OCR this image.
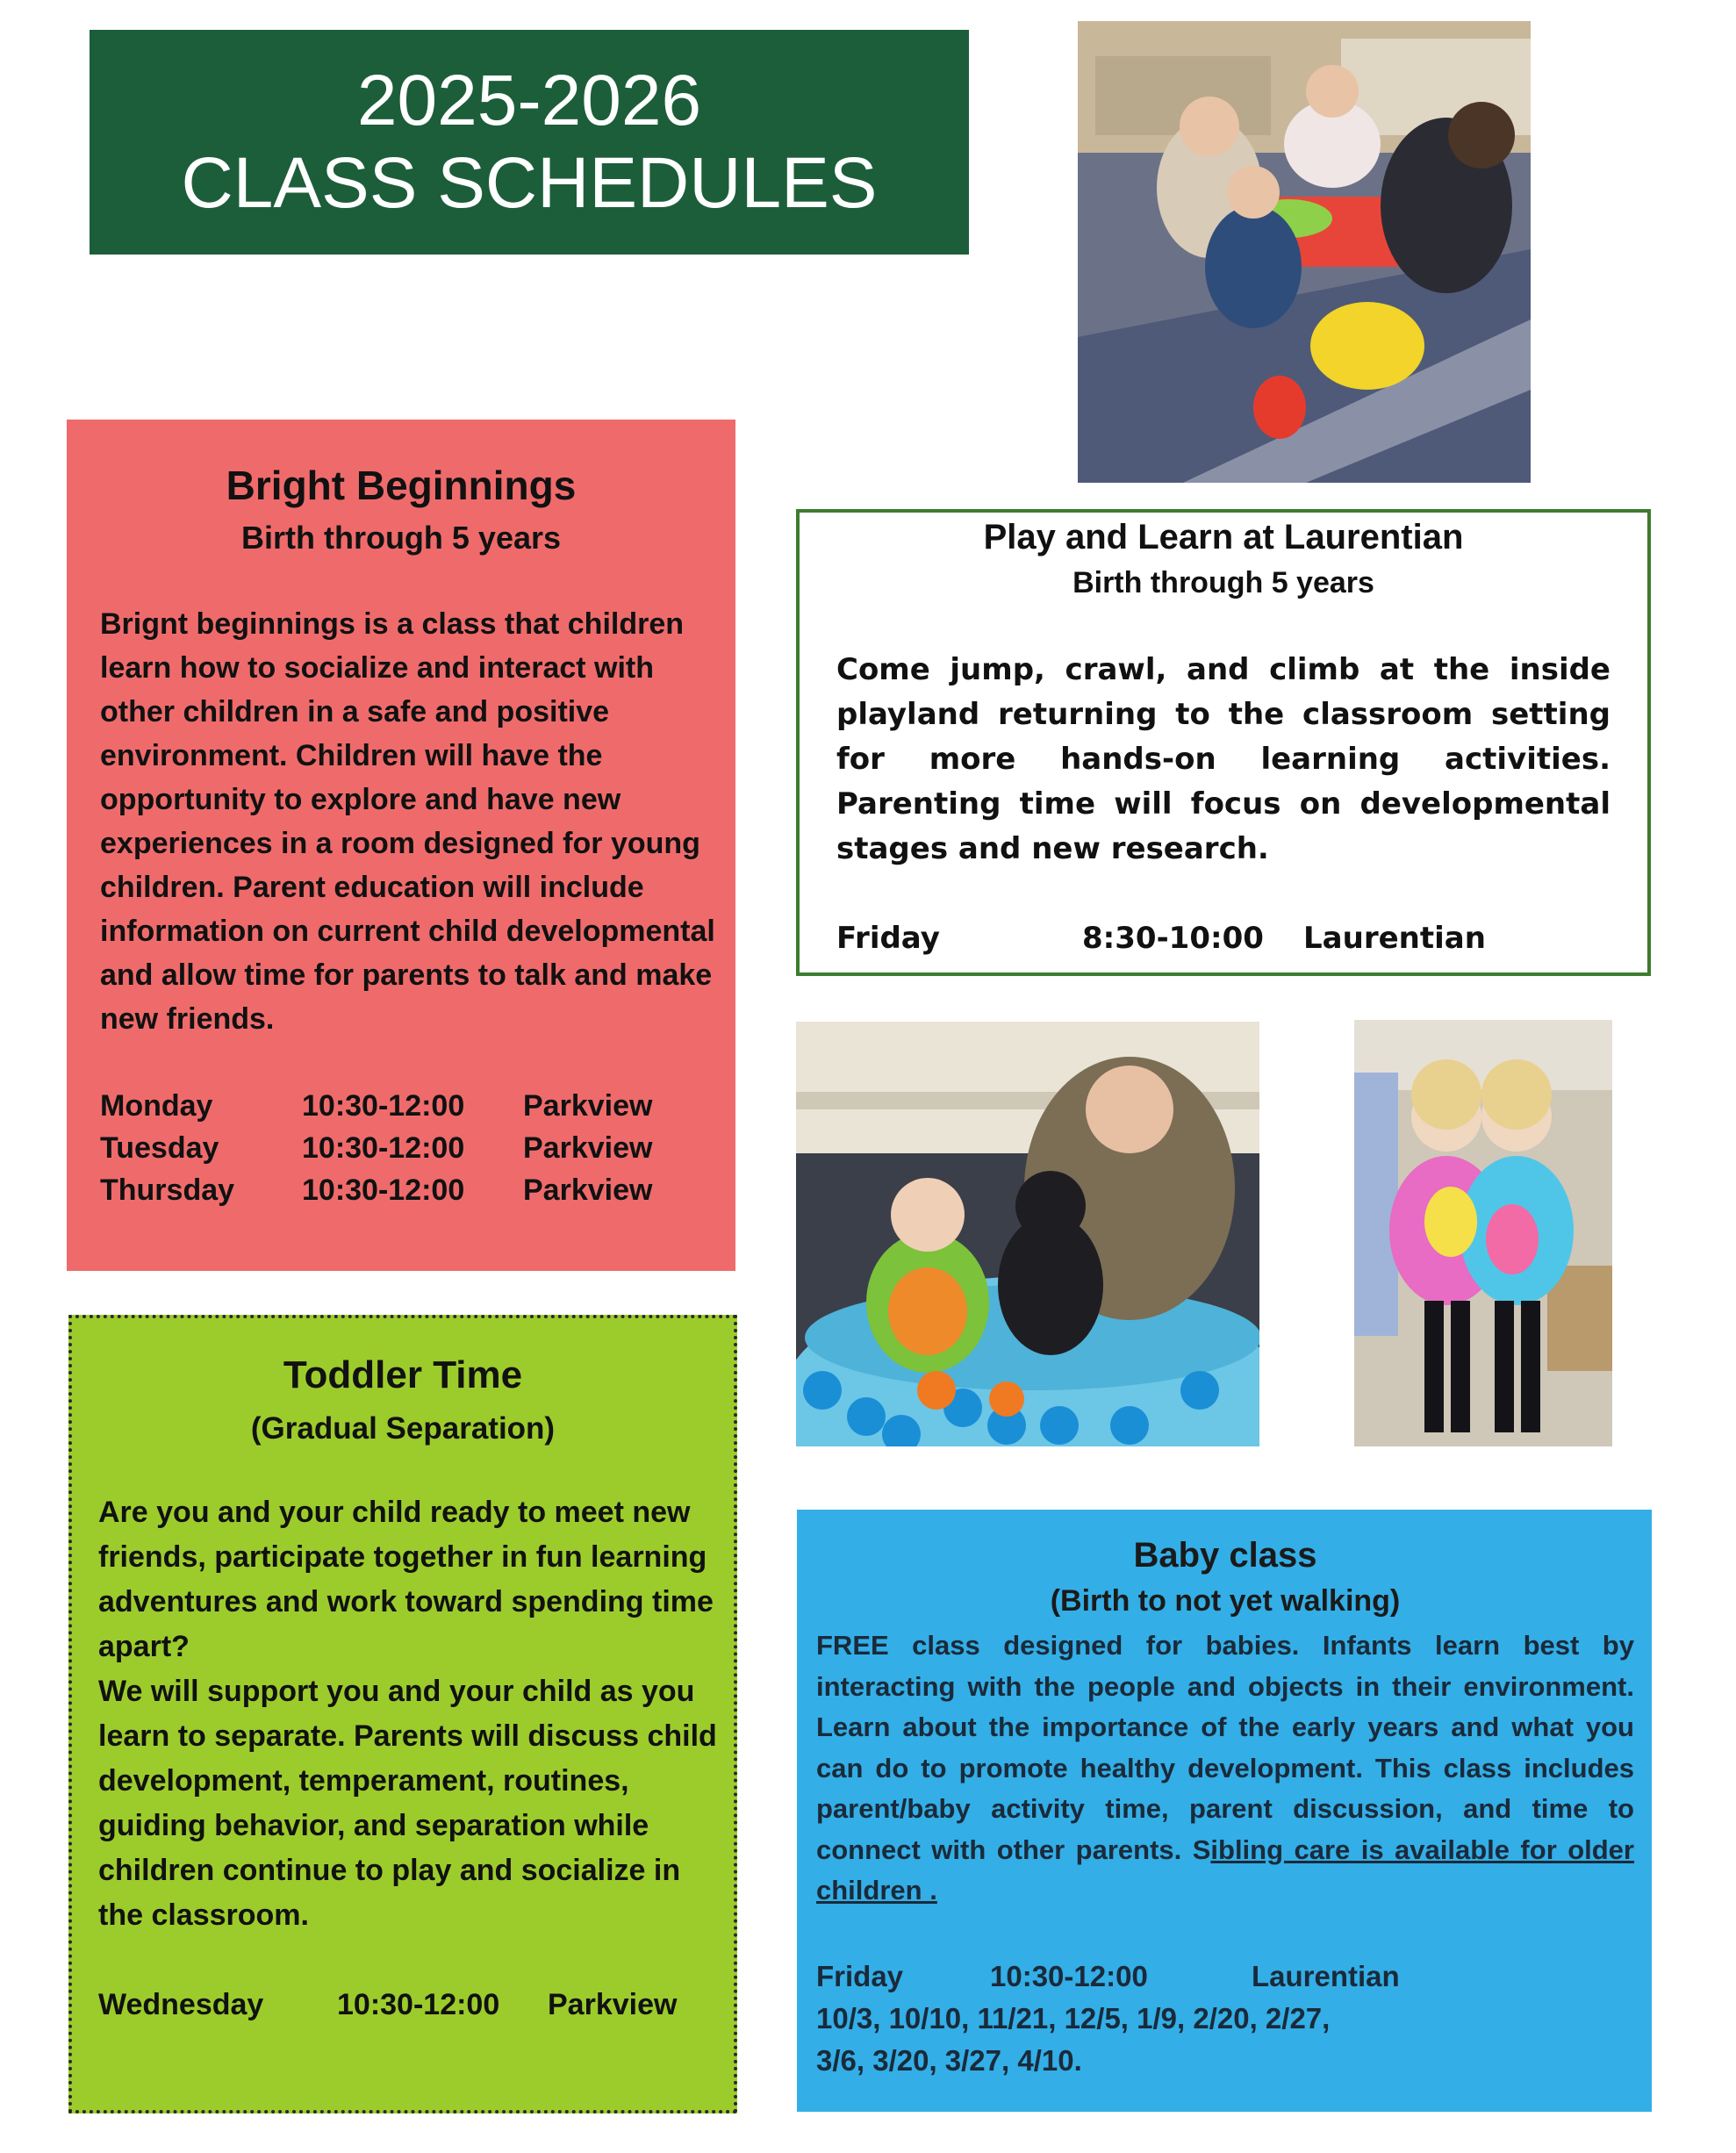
2025-2026
CLASS SCHEDULES
Bright Beginnings
Birth through 5 years
Brignt beginnings is a class that children learn how to socialize and interact with other children in a safe and positive environment. Children will have the opportunity to explore and have new experiences in a room designed for young children. Parent education will include information on current child developmental and allow time for parents to talk and make new friends.
Monday	10:30-12:00	Parkview
Tuesday	10:30-12:00	Parkview
Thursday	10:30-12:00	Parkview
Play and Learn at Laurentian
Birth through 5 years
Come jump, crawl, and climb at the inside playland returning to the classroom setting for more hands-on learning activities. Parenting time will focus on developmental stages and new research.
Friday	8:30-10:00	Laurentian
Toddler Time
(Gradual Separation)
Are you and your child ready to meet new friends, participate together in fun learning adventures and work toward spending time apart?
We will support you and your child as you learn to separate. Parents will discuss child development, temperament, routines, guiding behavior, and separation while children continue to play and socialize in the classroom.
Wednesday	10:30-12:00	Parkview
Baby class
(Birth to not yet walking)
FREE class designed for babies. Infants learn best by interacting with the people and objects in their environment. Learn about the importance of the early years and what you can do to promote healthy development. This class includes parent/baby activity time, parent discussion, and time to connect with other parents. Sibling care is available for older children .
Friday	10:30-12:00	Laurentian
10/3, 10/10, 11/21, 12/5, 1/9, 2/20, 2/27,
3/6, 3/20, 3/27, 4/10.
